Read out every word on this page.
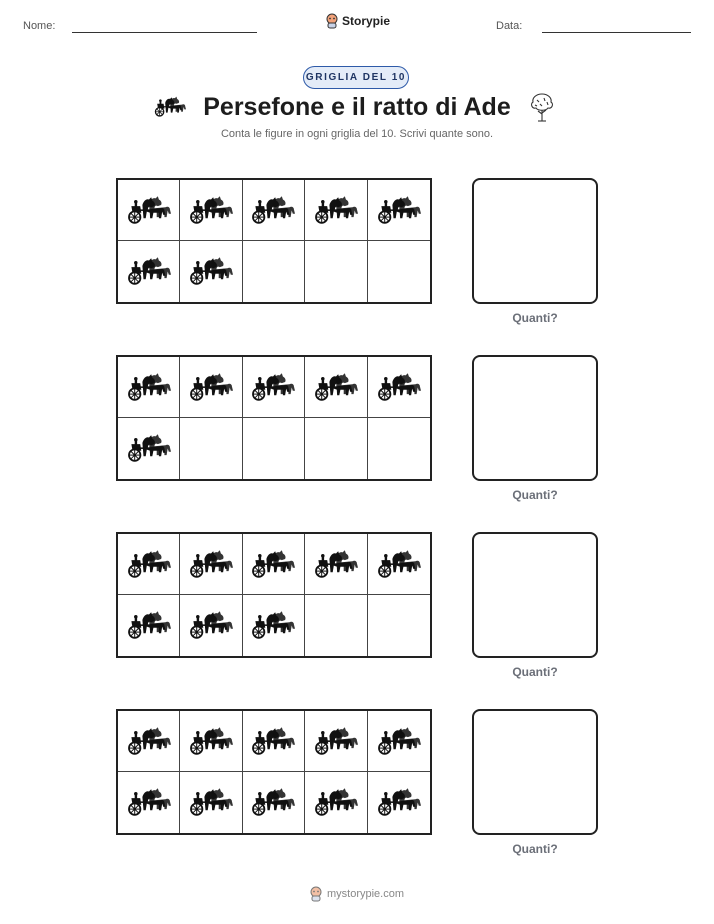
Nome:	Storypie	Data:
GRIGLIA DEL 10
Persefone e il ratto di Ade
Conta le figure in ogni griglia del 10. Scrivi quante sono.
Quanti?
Quanti?
Quanti?
Quanti?
mystorypie.com
